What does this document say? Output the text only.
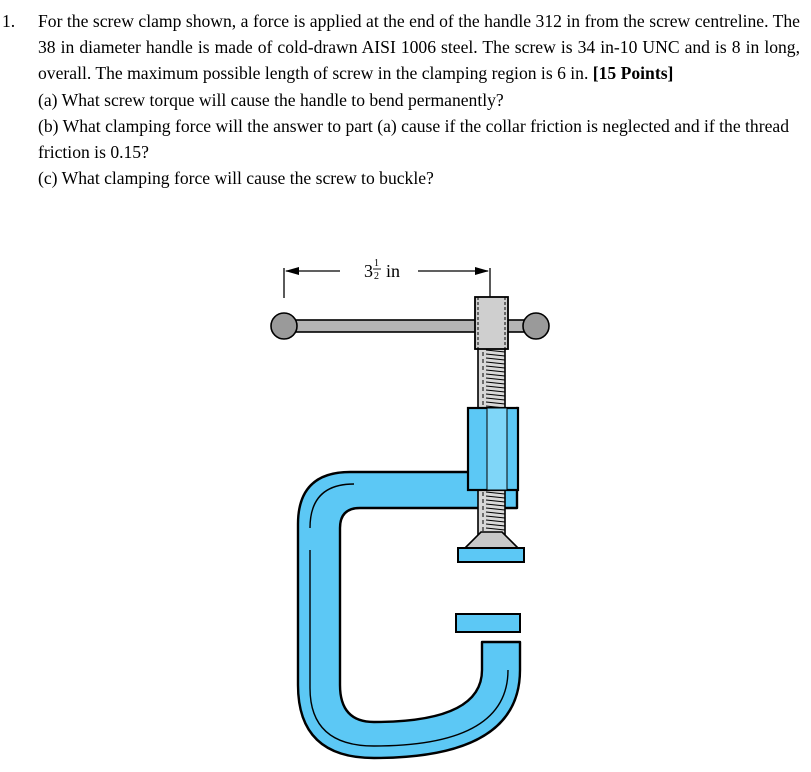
1. For the screw clamp shown, a force is applied at the end of the handle 312 in from the screw centreline. The 38 in diameter handle is made of cold-drawn AISI 1006 steel. The screw is 34 in-10 UNC and is 8 in long, overall. The maximum possible length of screw in the clamping region is 6 in. [15 Points]
(a) What screw torque will cause the handle to bend permanently?
(b) What clamping force will the answer to part (a) cause if the collar friction is neglected and if the thread friction is 0.15?
(c) What clamping force will cause the screw to buckle?
3 1
2 in
